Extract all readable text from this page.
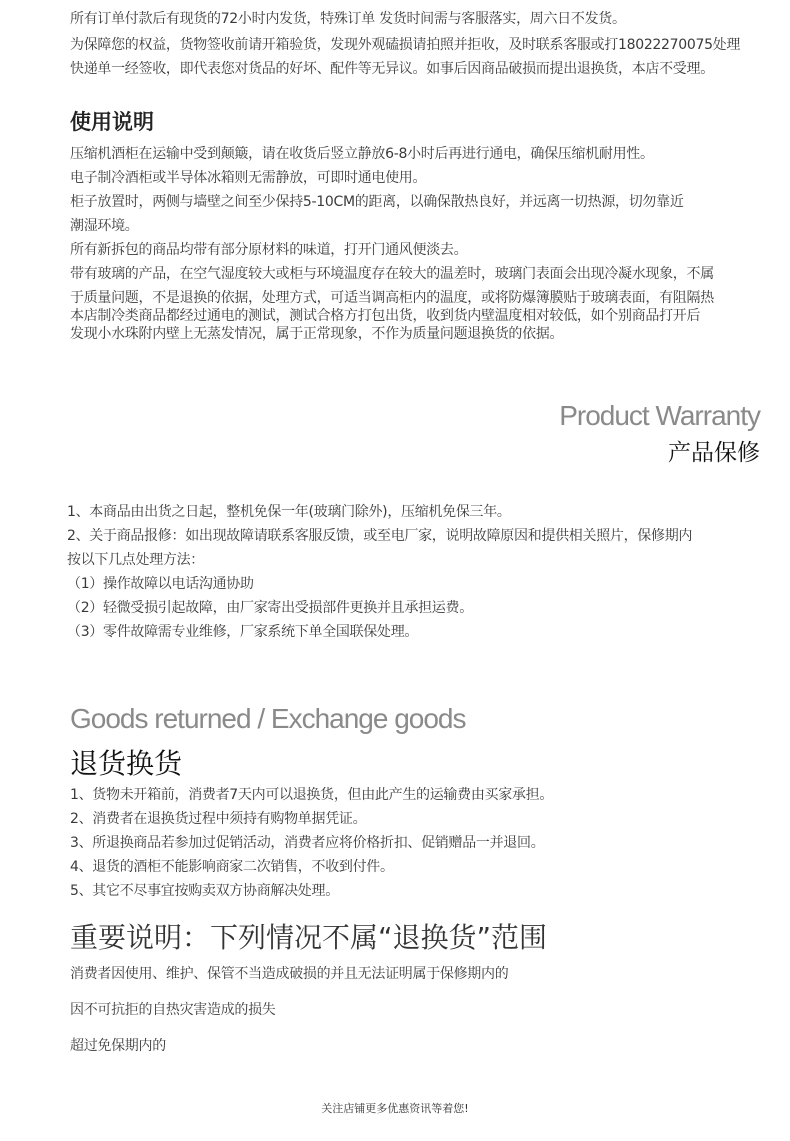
所有订单付款后有现货的72小时内发货，特殊订单 发货时间需与客服落实，周六日不发货。
为保障您的权益，货物签收前请开箱验货，发现外观磕损请拍照并拒收，及时联系客服或打18022270075处理
快递单一经签收，即代表您对货品的好坏、配件等无异议。如事后因商品破损而提出退换货，本店不受理。
使用说明
压缩机酒柜在运输中受到颠簸，请在收货后竖立静放6-8小时后再进行通电，确保压缩机耐用性。
电子制冷酒柜或半导体冰箱则无需静放，可即时通电使用。
柜子放置时，两侧与墙壁之间至少保持5-10CM的距离，以确保散热良好，并远离一切热源，切勿靠近
潮湿环境。
所有新拆包的商品均带有部分原材料的味道，打开门通风便淡去。
带有玻璃的产品，在空气湿度较大或柜与环境温度存在较大的温差时，玻璃门表面会出现冷凝水现象，不属
于质量问题，不是退换的依据，处理方式，可适当调高柜内的温度，或将防爆簿膜贴于玻璃表面，有阻隔热
本店制冷类商品都经过通电的测试，测试合格方打包出货，收到货内壁温度相对较低，如个别商品打开后
发现小水珠附内壁上无蒸发情况，属于正常现象，不作为质量问题退换货的依据。
Product Warranty
产品保修
1、本商品由出货之日起，整机免保一年(玻璃门除外)，压缩机免保三年。
2、关于商品报修：如出现故障请联系客服反馈，或至电厂家，说明故障原因和提供相关照片，保修期内
按以下几点处理方法：
（1）操作故障以电话沟通协助
（2）轻微受损引起故障，由厂家寄出受损部件更换并且承担运费。
（3）零件故障需专业维修，厂家系统下单全国联保处理。
Goods returned / Exchange goods
退货换货
1、货物未开箱前，消费者7天内可以退换货，但由此产生的运输费由买家承担。
2、消费者在退换货过程中须持有购物单据凭证。
3、所退换商品若参加过促销活动，消费者应将价格折扣、促销赠品一并退回。
4、退货的酒柜不能影响商家二次销售，不收到付件。
5、其它不尽事宜按购卖双方协商解决处理。
重要说明：下列情况不属“退换货”范围
消费者因使用、维护、保管不当造成破损的并且无法证明属于保修期内的
因不可抗拒的自热灾害造成的损失
超过免保期内的
关注店铺更多优惠资讯等着您!
